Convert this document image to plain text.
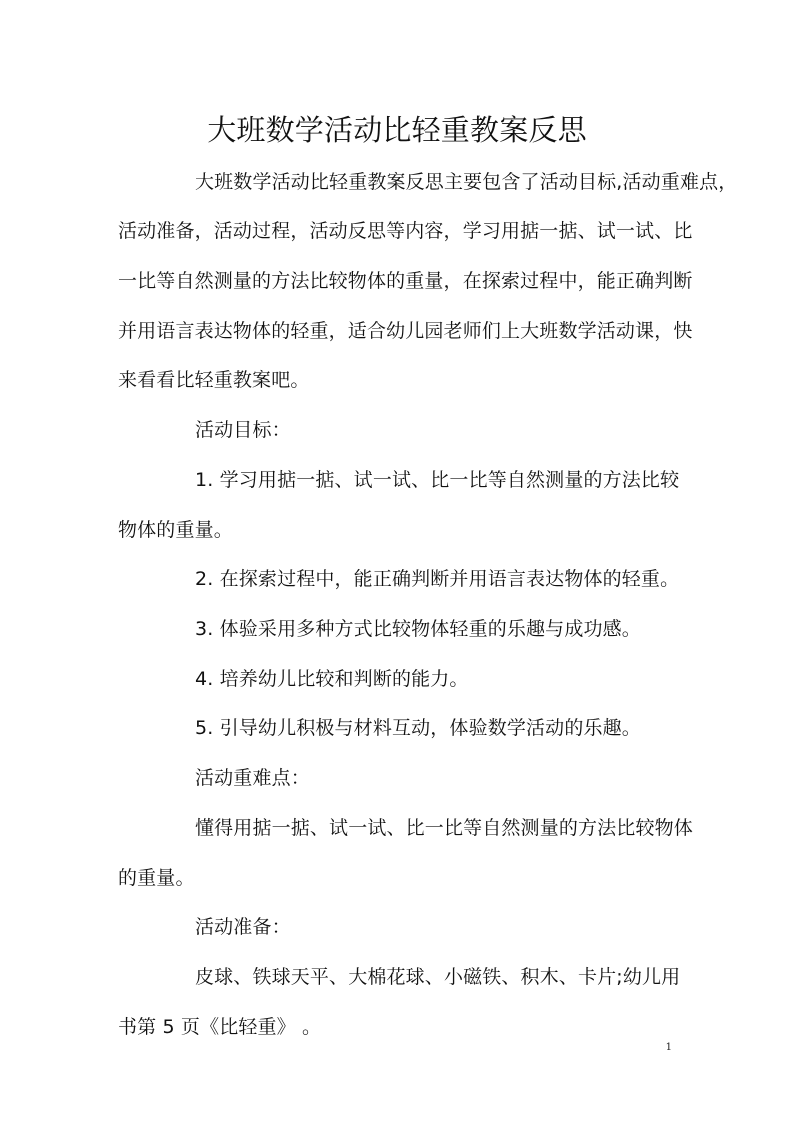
大班数学活动比轻重教案反思
大班数学活动比轻重教案反思主要包含了活动目标,活动重难点，
活动准备，活动过程，活动反思等内容，学习用掂一掂、试一试、比
一比等自然测量的方法比较物体的重量，在探索过程中，能正确判断
并用语言表达物体的轻重，适合幼儿园老师们上大班数学活动课，快
来看看比轻重教案吧。
活动目标：
1. 学习用掂一掂、试一试、比一比等自然测量的方法比较
物体的重量。
2. 在探索过程中，能正确判断并用语言表达物体的轻重。
3. 体验采用多种方式比较物体轻重的乐趣与成功感。
4. 培养幼儿比较和判断的能力。
5. 引导幼儿积极与材料互动，体验数学活动的乐趣。
活动重难点：
懂得用掂一掂、试一试、比一比等自然测量的方法比较物体
的重量。
活动准备：
皮球、铁球天平、大棉花球、小磁铁、积木、卡片;幼儿用
书第 5 页《比轻重》 。
1
